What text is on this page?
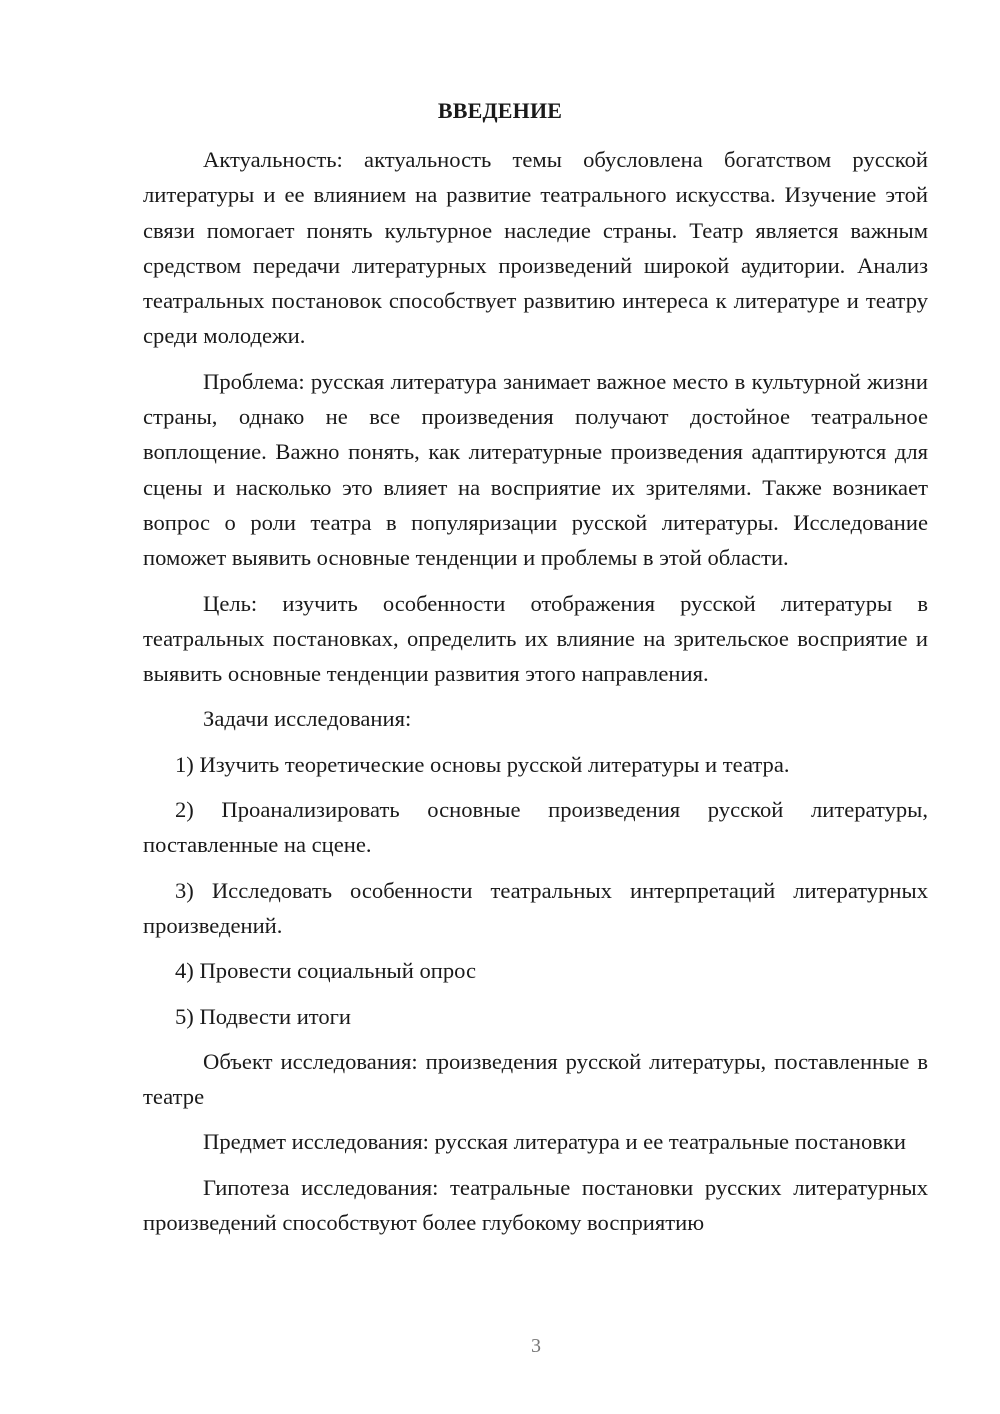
ВВЕДЕНИЕ

Актуальность: актуальность темы обусловлена богатством русской литературы и ее влиянием на развитие театрального искусства. Изучение этой связи помогает понять культурное наследие страны. Театр является важным средством передачи литературных произведений широкой аудитории. Анализ театральных постановок способствует развитию интереса к литературе и театру среди молодежи.

Проблема: русская литература занимает важное место в культурной жизни страны, однако не все произведения получают достойное театральное воплощение. Важно понять, как литературные произведения адаптируются для сцены и насколько это влияет на восприятие их зрителями. Также возникает вопрос о роли театра в популяризации русской литературы. Исследование поможет выявить основные тенденции и проблемы в этой области.

Цель: изучить особенности отображения русской литературы в театральных постановках, определить их влияние на зрительское восприятие и выявить основные тенденции развития этого направления.

Задачи исследования:

1) Изучить теоретические основы русской литературы и театра.

2) Проанализировать основные произведения русской литературы, поставленные на сцене.

3) Исследовать особенности театральных интерпретаций литературных произведений.

4) Провести социальный опрос

5) Подвести итоги

Объект исследования: произведения русской литературы, поставленные в театре

Предмет исследования: русская литература и ее театральные постановки

Гипотеза исследования: театральные постановки русских литературных произведений способствуют более глубокому восприятию

3
